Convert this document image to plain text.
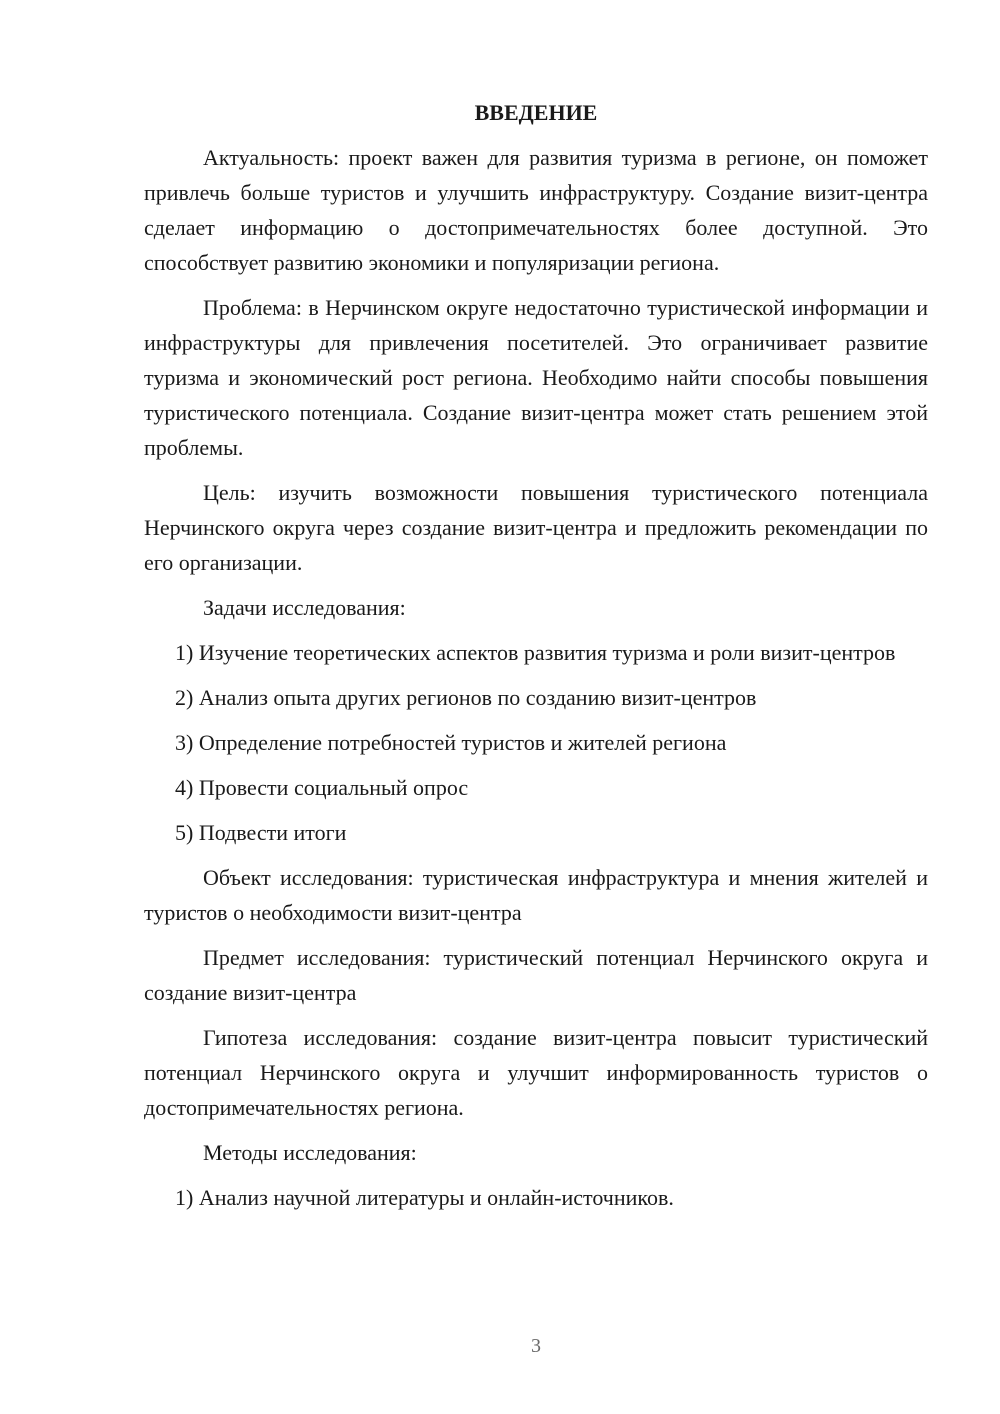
ВВЕДЕНИЕ

Актуальность: проект важен для развития туризма в регионе, он поможет привлечь больше туристов и улучшить инфраструктуру. Создание визит-центра сделает информацию о достопримечательностях более доступной. Это способствует развитию экономики и популяризации региона.

Проблема: в Нерчинском округе недостаточно туристической информации и инфраструктуры для привлечения посетителей. Это ограничивает развитие туризма и экономический рост региона. Необходимо найти способы повышения туристического потенциала. Создание визит-центра может стать решением этой проблемы.

Цель: изучить возможности повышения туристического потенциала Нерчинского округа через создание визит-центра и предложить рекомендации по его организации.

Задачи исследования:

1) Изучение теоретических аспектов развития туризма и роли визит-центров

2) Анализ опыта других регионов по созданию визит-центров

3) Определение потребностей туристов и жителей региона

4) Провести социальный опрос

5) Подвести итоги

Объект исследования: туристическая инфраструктура и мнения жителей и туристов о необходимости визит-центра

Предмет исследования: туристический потенциал Нерчинского округа и создание визит-центра

Гипотеза исследования: создание визит-центра повысит туристический потенциал Нерчинского округа и улучшит информированность туристов о достопримечательностях региона.

Методы исследования:

1) Анализ научной литературы и онлайн-источников.

3
